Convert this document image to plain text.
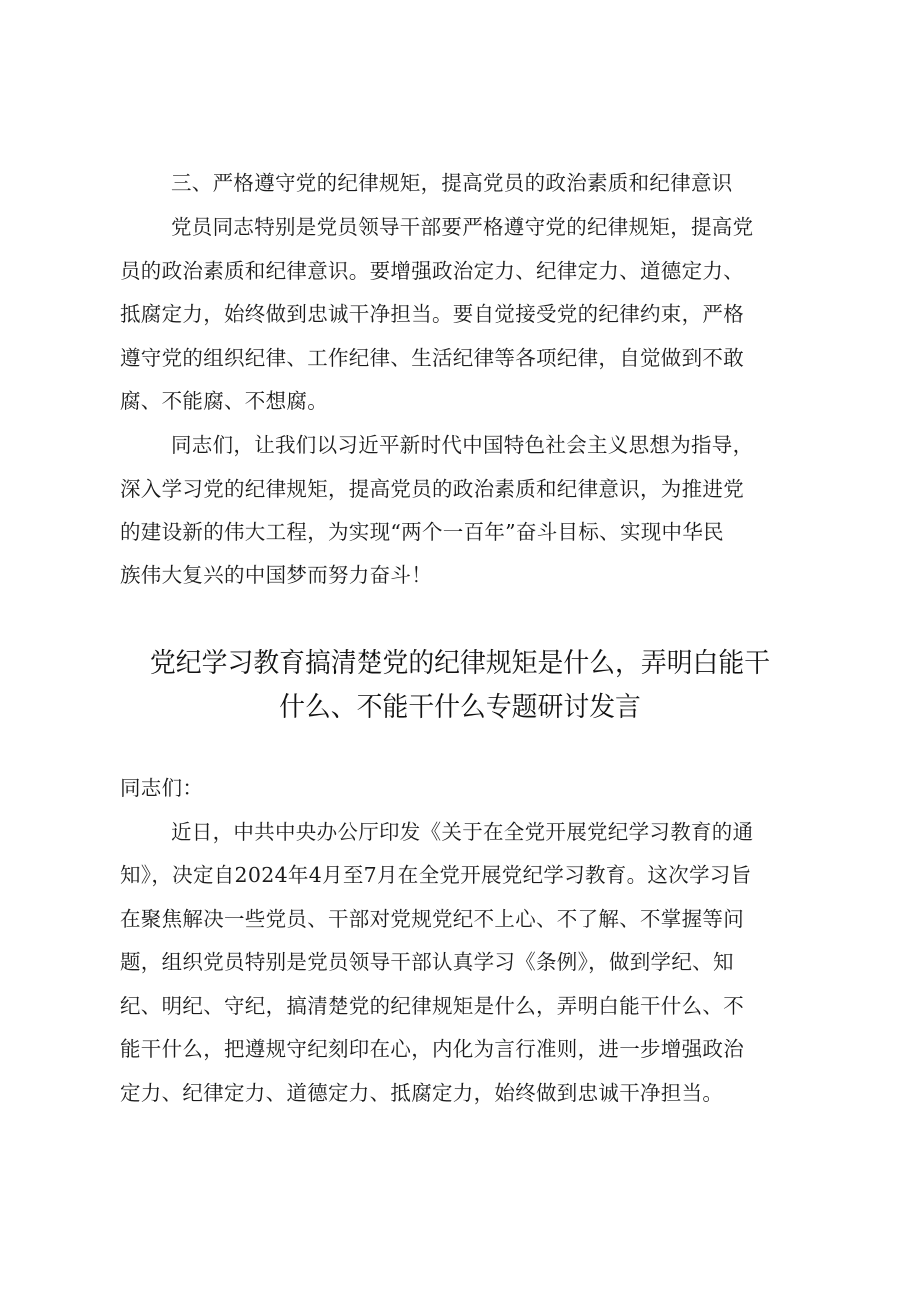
三、严格遵守党的纪律规矩，提高党员的政治素质和纪律意识

党员同志特别是党员领导干部要严格遵守党的纪律规矩，提高党

员的政治素质和纪律意识。要增强政治定力、纪律定力、道德定力、

抵腐定力，始终做到忠诚干净担当。要自觉接受党的纪律约束，严格

遵守党的组织纪律、工作纪律、生活纪律等各项纪律，自觉做到不敢

腐、不能腐、不想腐。

同志们，让我们以习近平新时代中国特色社会主义思想为指导，

深入学习党的纪律规矩，提高党员的政治素质和纪律意识，为推进党

的建设新的伟大工程，为实现“两个一百年”奋斗目标、实现中华民

族伟大复兴的中国梦而努力奋斗！

党纪学习教育搞清楚党的纪律规矩是什么，弄明白能干

什么、不能干什么专题研讨发言

同志们：

近日，中共中央办公厅印发《关于在全党开展党纪学习教育的通

知》，决定自2024年4月至7月在全党开展党纪学习教育。这次学习旨

在聚焦解决一些党员、干部对党规党纪不上心、不了解、不掌握等问

题，组织党员特别是党员领导干部认真学习《条例》，做到学纪、知

纪、明纪、守纪，搞清楚党的纪律规矩是什么，弄明白能干什么、不

能干什么，把遵规守纪刻印在心，内化为言行准则，进一步增强政治

定力、纪律定力、道德定力、抵腐定力，始终做到忠诚干净担当。
